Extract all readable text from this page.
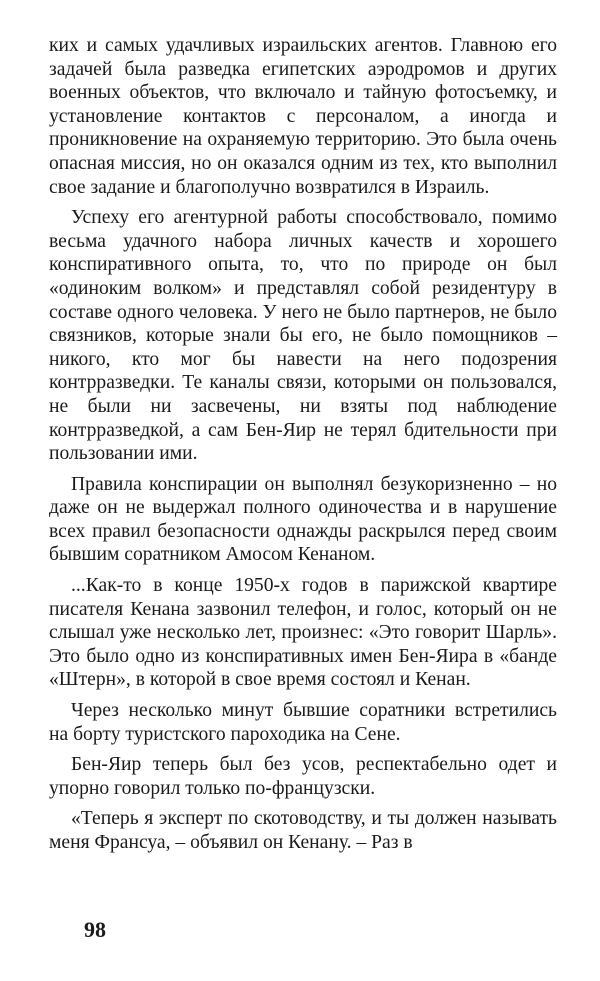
ких и самых удачливых израильских агентов. Главною его задачей была разведка египетских аэродромов и других военных объектов, что включало и тайную фотосъемку, и установление контактов с персоналом, а иногда и проникновение на охраняемую территорию. Это была очень опасная миссия, но он оказался одним из тех, кто выполнил свое задание и благополучно возвратился в Израиль.

Успеху его агентурной работы способствовало, помимо весьма удачного набора личных качеств и хорошего конспиративного опыта, то, что по природе он был «одиноким волком» и представлял собой резидентуру в составе одного человека. У него не было партнеров, не было связников, которые знали бы его, не было помощников – никого, кто мог бы навести на него подозрения контрразведки. Те каналы связи, которыми он пользовался, не были ни засвечены, ни взяты под наблюдение контрразведкой, а сам Бен-Яир не терял бдительности при пользовании ими.

Правила конспирации он выполнял безукоризненно – но даже он не выдержал полного одиночества и в нарушение всех правил безопасности однажды раскрылся перед своим бывшим соратником Амосом Кенаном.

...Как-то в конце 1950-х годов в парижской квартире писателя Кенана зазвонил телефон, и голос, который он не слышал уже несколько лет, произнес: «Это говорит Шарль». Это было одно из конспиративных имен Бен-Яира в «банде «Штерн», в которой в свое время состоял и Кенан.

Через несколько минут бывшие соратники встретились на борту туристского пароходика на Сене.

Бен-Яир теперь был без усов, респектабельно одет и упорно говорил только по-французски.

«Теперь я эксперт по скотоводству, и ты должен называть меня Франсуа, – объявил он Кенану. – Раз в

98
